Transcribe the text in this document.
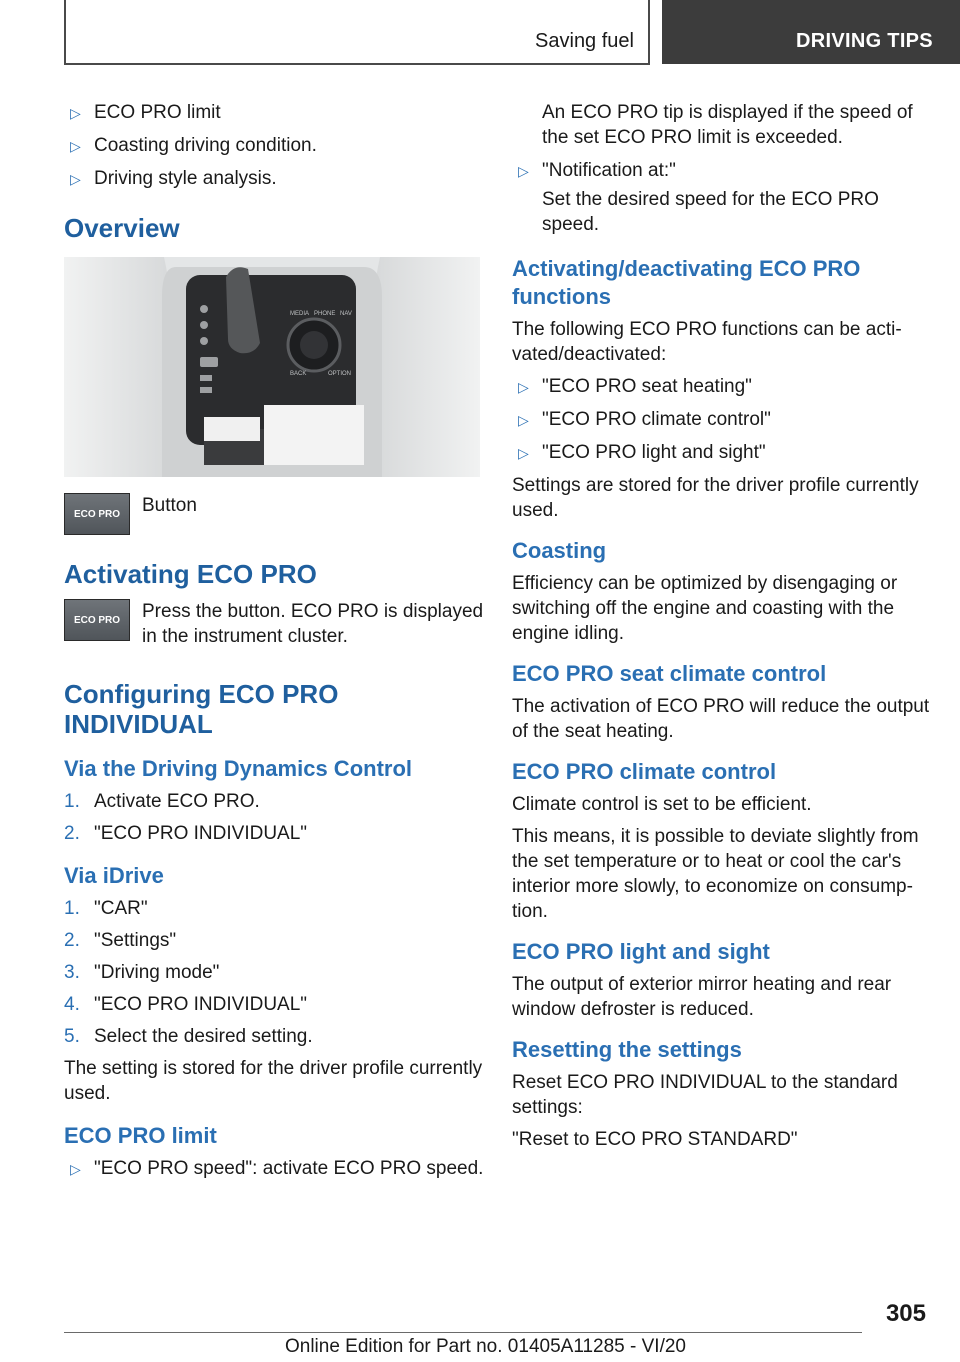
Saving fuel	DRIVING TIPS
▷ ECO PRO limit
▷ Coasting driving condition.
▷ Driving style analysis.
Overview
MEDIA PHONE NAV
BACK	OPTION
ECO PRO	Button
Activating ECO PRO
ECO PRO	Press the button. ECO PRO is displayed in the instrument cluster.
Configuring ECO PRO INDIVIDUAL
Via the Driving Dynamics Control
1. Activate ECO PRO.
2. "ECO PRO INDIVIDUAL"
Via iDrive
1. "CAR"
2. "Settings"
3. "Driving mode"
4. "ECO PRO INDIVIDUAL"
5. Select the desired setting.
The setting is stored for the driver profile currently used.
ECO PRO limit
▷ "ECO PRO speed": activate ECO PRO speed.
An ECO PRO tip is displayed if the speed of the set ECO PRO limit is exceeded.
▷ "Notification at:"
Set the desired speed for the ECO PRO speed.
Activating/deactivating ECO PRO functions
The following ECO PRO functions can be activated/deactivated:
▷ "ECO PRO seat heating"
▷ "ECO PRO climate control"
▷ "ECO PRO light and sight"
Settings are stored for the driver profile currently used.
Coasting
Efficiency can be optimized by disengaging or switching off the engine and coasting with the engine idling.
ECO PRO seat climate control
The activation of ECO PRO will reduce the output of the seat heating.
ECO PRO climate control
Climate control is set to be efficient.
This means, it is possible to deviate slightly from the set temperature or to heat or cool the car's interior more slowly, to economize on consumption.
ECO PRO light and sight
The output of exterior mirror heating and rear window defroster is reduced.
Resetting the settings
Reset ECO PRO INDIVIDUAL to the standard settings:
"Reset to ECO PRO STANDARD"
305
Online Edition for Part no. 01405A11285 - VI/20
